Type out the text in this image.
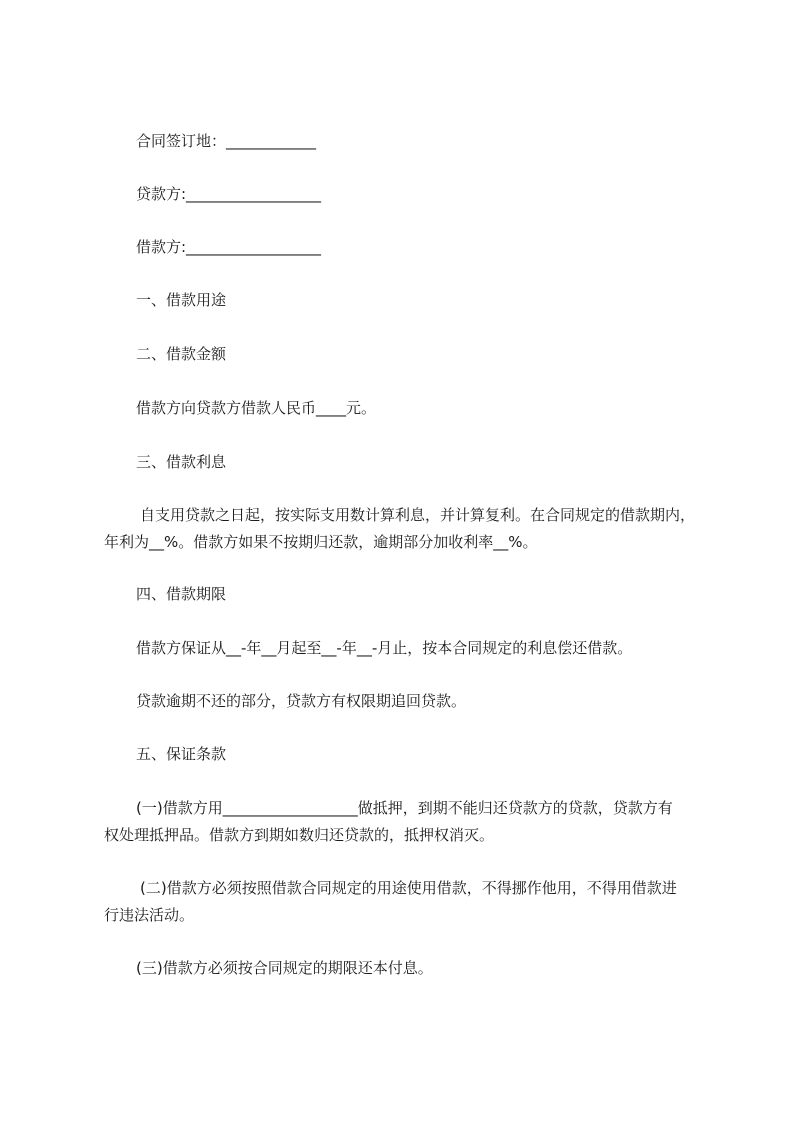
合同签订地：____________
贷款方:__________________
借款方:__________________
一、借款用途
二、借款金额
借款方向贷款方借款人民币____元。
三、借款利息
自支用贷款之日起，按实际支用数计算利息，并计算复利。在合同规定的借款期内，
年利为__%。借款方如果不按期归还款，逾期部分加收利率__%。
四、借款期限
借款方保证从__-年__月起至__-年__-月止，按本合同规定的利息偿还借款。
贷款逾期不还的部分，贷款方有权限期追回贷款。
五、保证条款
(一)借款方用__________________做抵押，到期不能归还贷款方的贷款，贷款方有
权处理抵押品。借款方到期如数归还贷款的，抵押权消灭。
(二)借款方必须按照借款合同规定的用途使用借款，不得挪作他用，不得用借款进
行违法活动。
(三)借款方必须按合同规定的期限还本付息。
